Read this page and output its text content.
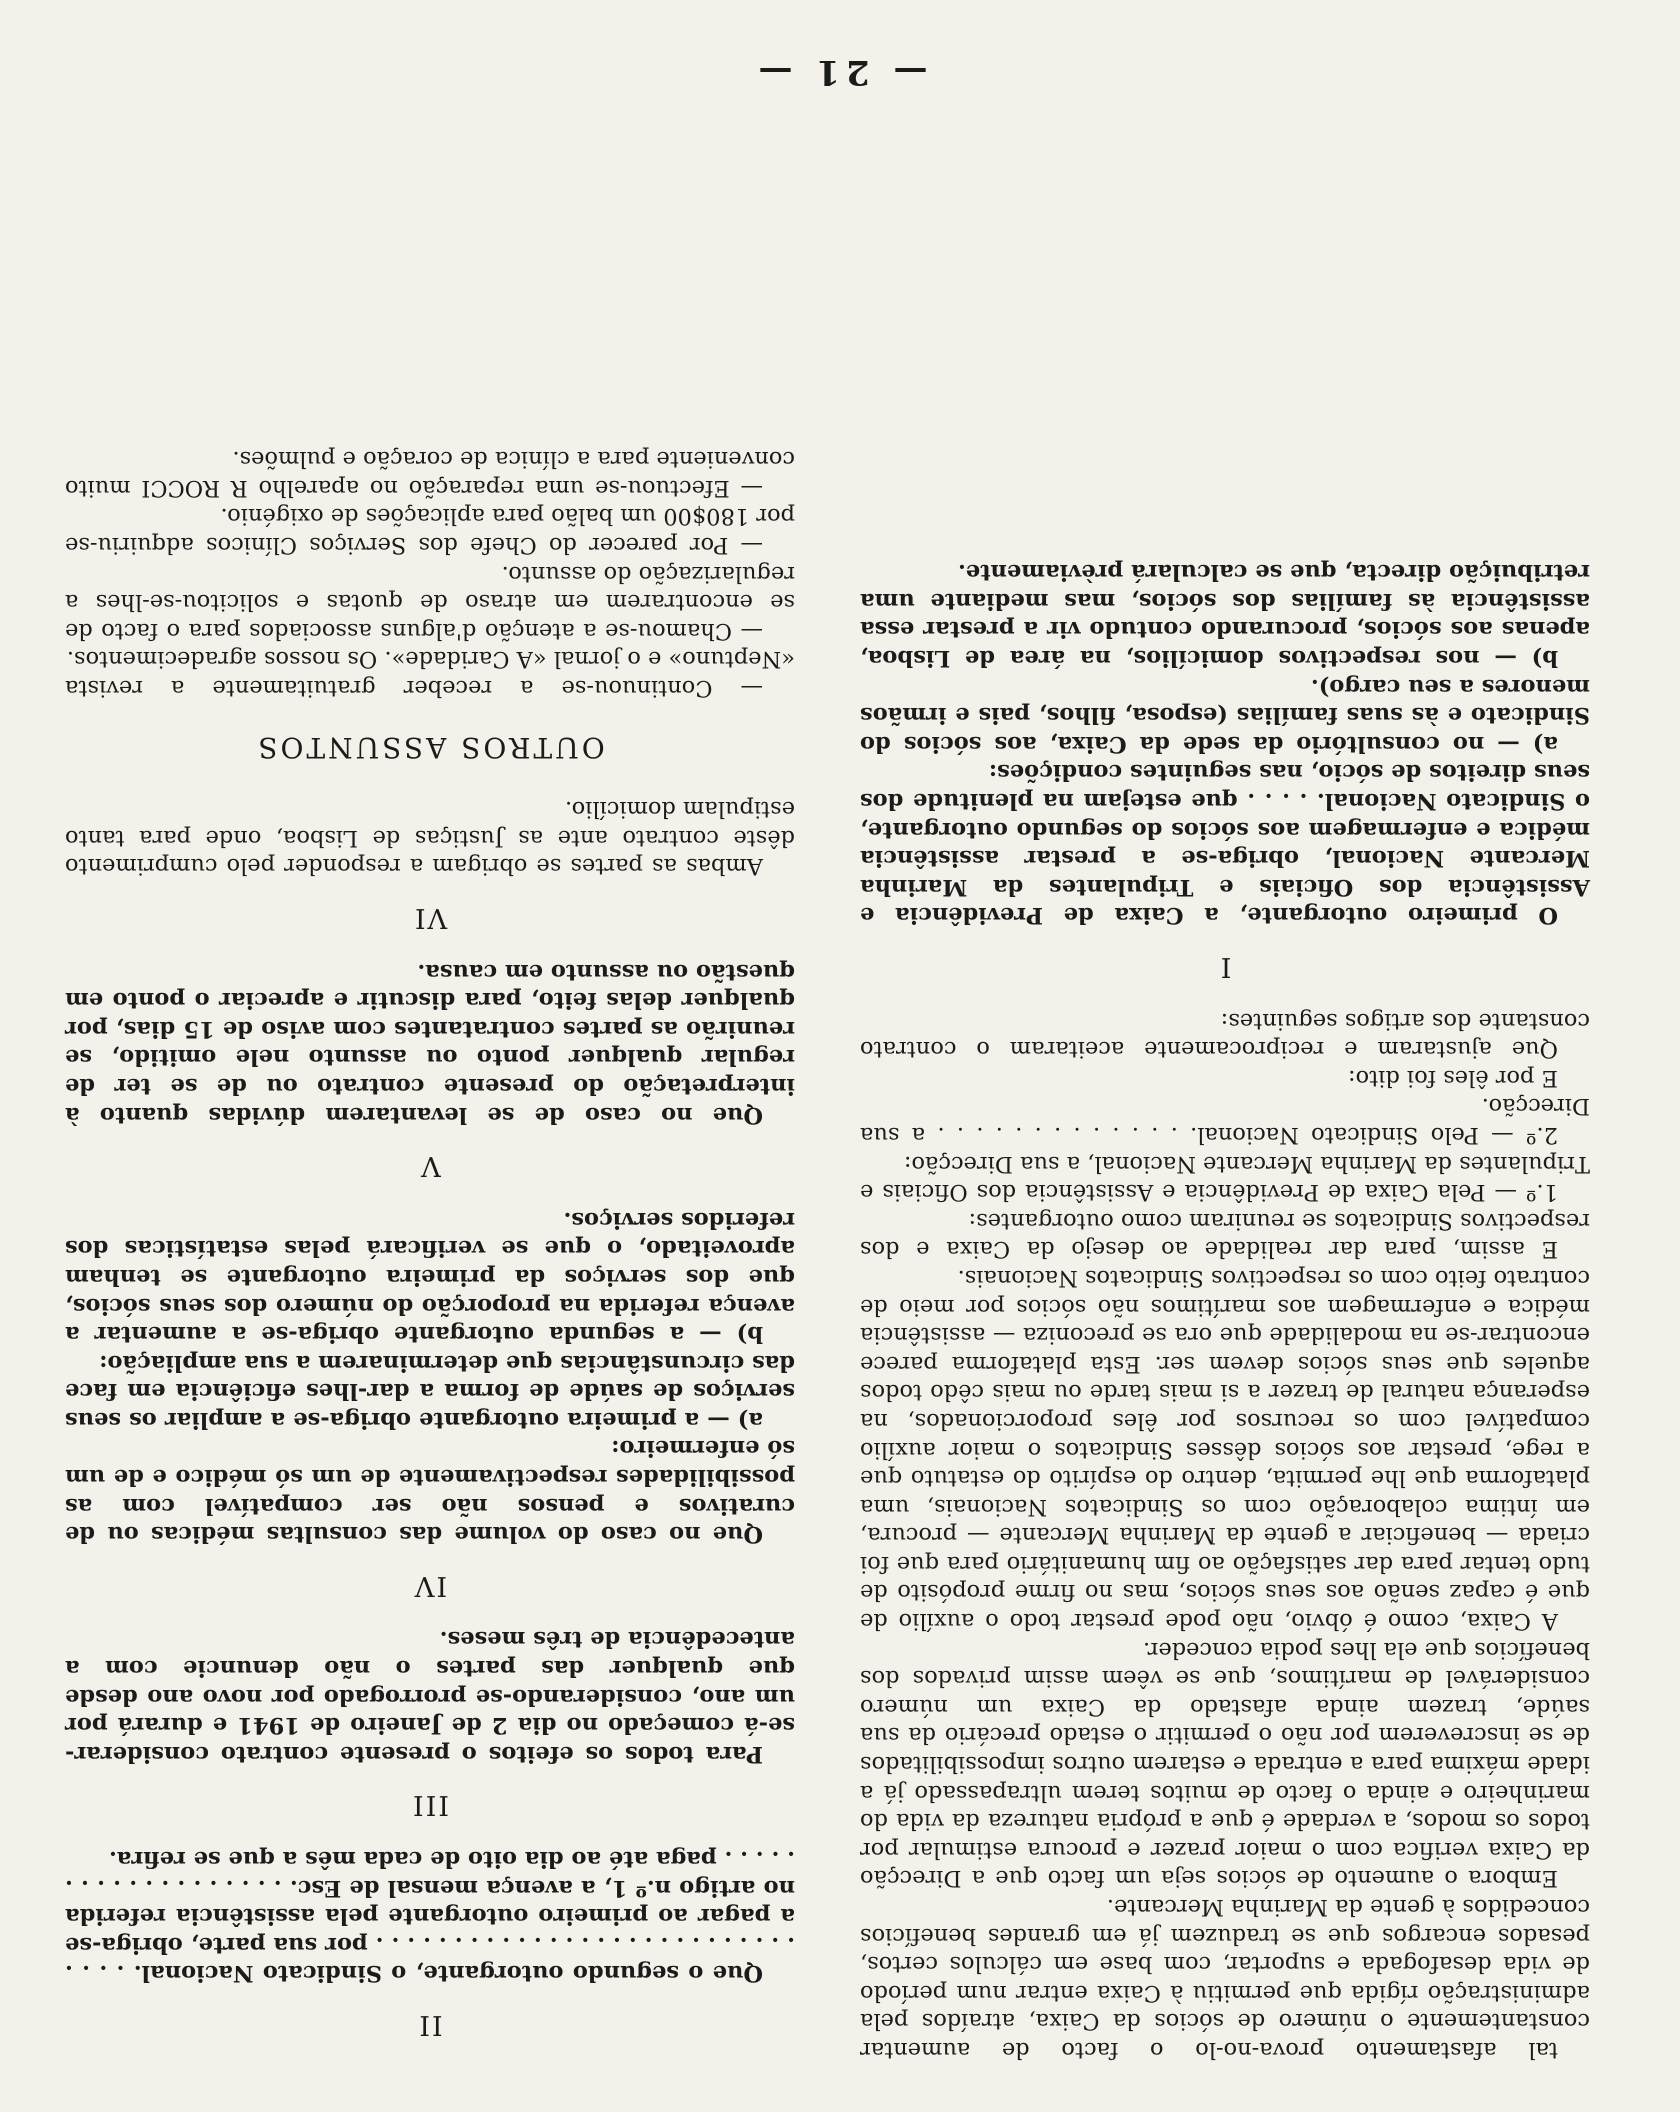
— 21 —

tal afastamento prova-no-lo o facto de aumentar constantemente o número de sócios da Caixa, atraídos pela administração rígida que permitiu à Caixa entrar num período de vida desafogada e suportar, com base em cálculos certos, pesados encargos que se traduzem já em grandes benefícios concedidos à gente da Marinha Mercante.

Embora o aumento de sócios seja um facto que a Direcção da Caixa verifica com o maior prazer e procura estimular por todos os modos, a verdade é que a própria natureza da vida do marinheiro e ainda o facto de muitos terem ultrapassado já a idade máxima para a entrada e estarem outros impossibilitados de se inscreverem por não o permitir o estado precário da sua saúde, trazem ainda afastado da Caixa um número considerável de marítimos, que se vêem assim privados dos benefícios que ela lhes podia conceder.

A Caixa, como é óbvio, não pode prestar todo o auxílio de que é capaz senão aos seus sócios, mas no firme propósito de tudo tentar para dar satisfação ao fim humanitário para que foi criada — beneficiar a gente da Marinha Mercante — procura, em íntima colaboração com os Sindicatos Nacionais, uma plataforma que lhe permita, dentro do espírito do estatuto que a rege, prestar aos sócios dêsses Sindicatos o maior auxílio compatível com os recursos por êles proporcionados, na esperança natural de trazer a si mais tarde ou mais cêdo todos aqueles que seus sócios devem ser. Esta plataforma parece encontrar-se na modalidade que ora se preconiza — assistência médica e enfermagem aos marítimos não sócios por meio de contrato feito com os respectivos Sindicatos Nacionais.

E assim, para dar realidade ao desejo da Caixa e dos respectivos Sindicatos se reuniram como outorgantes:

1.º — Pela Caixa de Previdência e Assistência dos Oficiais e Tripulantes da Marinha Mercante Nacional, a sua Direcção:

2.º — Pelo Sindicato Nacional. . . . . . . . . . . . . . a sua Direcção.

E por êles foi dito:

Que ajustaram e reciprocamente aceitaram o contrato constante dos artigos seguintes:

I

O primeiro outorgante, a Caixa de Previdência e Assistência dos Oficiais e Tripulantes da Marinha Mercante Nacional, obriga-se a prestar assistência médica e enfermagem aos sócios do segundo outorgante, o Sindicato Nacional. . . . . que estejam na plenitude dos seus direitos de sócio, nas seguintes condições:

a) — no consultório da sede da Caixa, aos sócios do Sindicato e às suas famílias (esposa, filhos, pais e irmãos menores a seu cargo).

b) — nos respectivos domicílios, na área de Lisboa, apenas aos sócios, procurando contudo vir a prestar essa assistência às famílias dos sócios, mas mediante uma retribuição directa, que se calculará prèviamente.

II

Que o segundo outorgante, o Sindicato Nacional. . . . . . . . . . . . . . . . . . . . . . . . . . . . . . . . por sua parte, obriga-se a pagar ao primeiro outorgante pela assistência referida no artigo n.º 1, a avença mensal de Esc. . . . . . . . . . . . . . . . . . . . paga até ao dia oito de cada mês a que se refira.

III

Para todos os efeitos o presente contrato considerar-se-á começado no dia 2 de Janeiro de 1941 e durará por um ano, considerando-se prorrogado por novo ano desde que qualquer das partes o não denuncie com a antecedência de três meses.

IV

Que no caso do volume das consultas médicas ou de curativos e pensos não ser compatível com as possibilidades respectivamente de um só médico e de um só enfermeiro:

a) — a primeira outorgante obriga-se a ampliar os seus serviços de saúde de forma a dar-lhes eficiência em face das circunstâncias que determinarem a sua ampliação:

b) — a segunda outorgante obriga-se a aumentar a avença referida na proporção do número dos seus sócios, que dos serviços da primeira outorgante se tenham aproveitado, o que se verificará pelas estatísticas dos referidos serviços.

V

Que no caso de se levantarem dúvidas quanto à interpretação do presente contrato ou de se ter de regular qualquer ponto ou assunto nele omitido, se reunirão as partes contratantes com aviso de 15 dias, por qualquer delas feito, para discutir e apreciar o ponto em questão ou assunto em causa.

VI

Ambas as partes se obrigam a responder pelo cumprimento dêste contrato ante as Justiças de Lisboa, onde para tanto estipulam domicílio.

OUTROS ASSUNTOS

— Continuou-se a receber gratuitamente a revista «Neptuno» e o jornal «A Caridade». Os nossos agradecimentos.

— Chamou-se a atenção d'alguns associados para o facto de se encontrarem em atraso de quotas e solicitou-se-lhes a regularização do assunto.

— Por parecer do Chefe dos Serviços Clínicos adquiriu-se por 180$00 um balão para aplicações de oxigénio.

— Efectuou-se uma reparação no aparelho R ROCCI muito conveniente para a clínica de coração e pulmões.
